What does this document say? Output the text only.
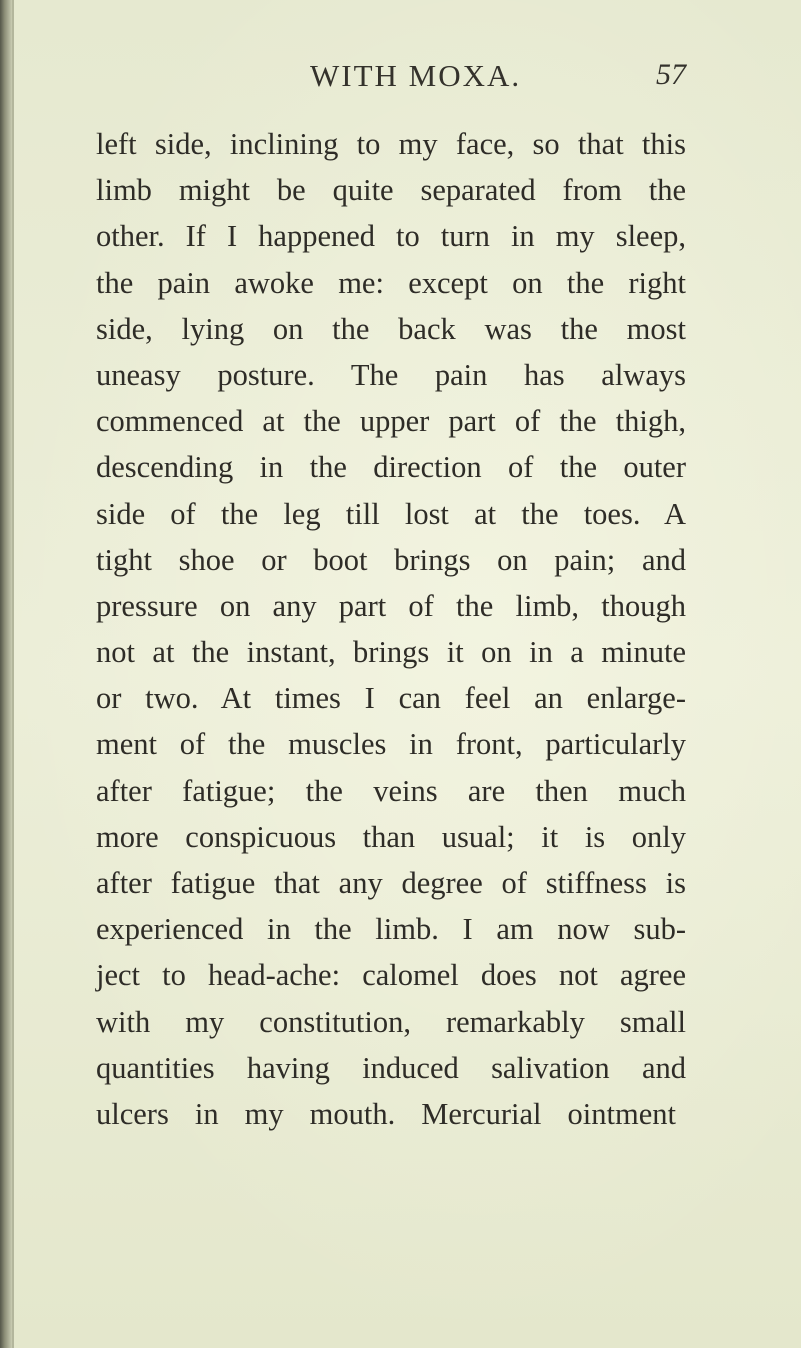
WITH MOXA.	57
left side, inclining to my face, so that this
limb might be quite separated from the
other. If I happened to turn in my sleep,
the pain awoke me: except on the right
side, lying on the back was the most
uneasy posture. The pain has always
commenced at the upper part of the thigh,
descending in the direction of the outer
side of the leg till lost at the toes. A
tight shoe or boot brings on pain; and
pressure on any part of the limb, though
not at the instant, brings it on in a minute
or two. At times I can feel an enlarge-
ment of the muscles in front, particularly
after fatigue; the veins are then much
more conspicuous than usual; it is only
after fatigue that any degree of stiffness is
experienced in the limb. I am now sub-
ject to head-ache: calomel does not agree
with my constitution, remarkably small
quantities having induced salivation and
ulcers in my mouth. Mercurial ointment
